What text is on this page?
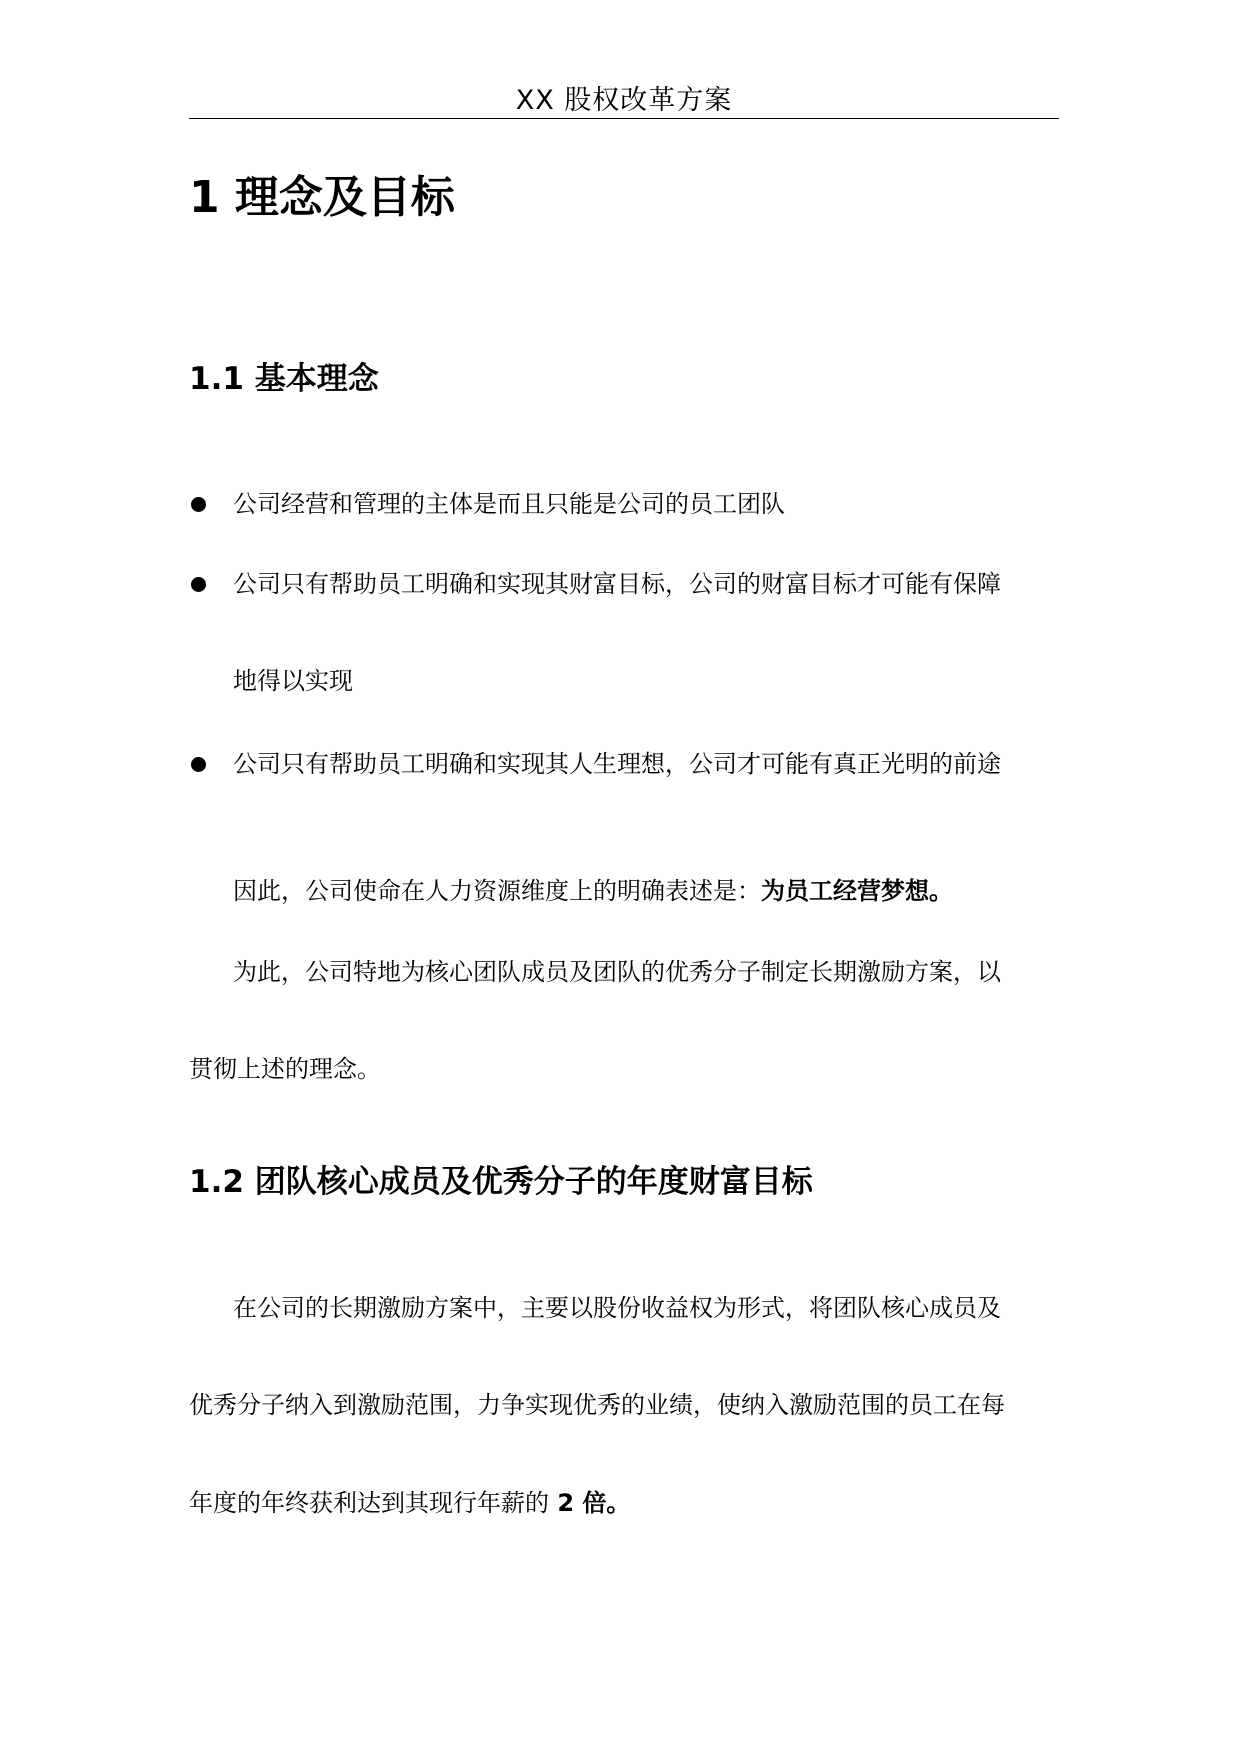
XX 股权改革方案
1 理念及目标
1.1 基本理念
公司经营和管理的主体是而且只能是公司的员工团队
公司只有帮助员工明确和实现其财富目标，公司的财富目标才可能有保障
地得以实现
公司只有帮助员工明确和实现其人生理想，公司才可能有真正光明的前途
因此，公司使命在人力资源维度上的明确表述是：为员工经营梦想。
为此，公司特地为核心团队成员及团队的优秀分子制定长期激励方案，以
贯彻上述的理念。
1.2 团队核心成员及优秀分子的年度财富目标
在公司的长期激励方案中，主要以股份收益权为形式，将团队核心成员及
优秀分子纳入到激励范围，力争实现优秀的业绩，使纳入激励范围的员工在每
年度的年终获利达到其现行年薪的 2 倍。
